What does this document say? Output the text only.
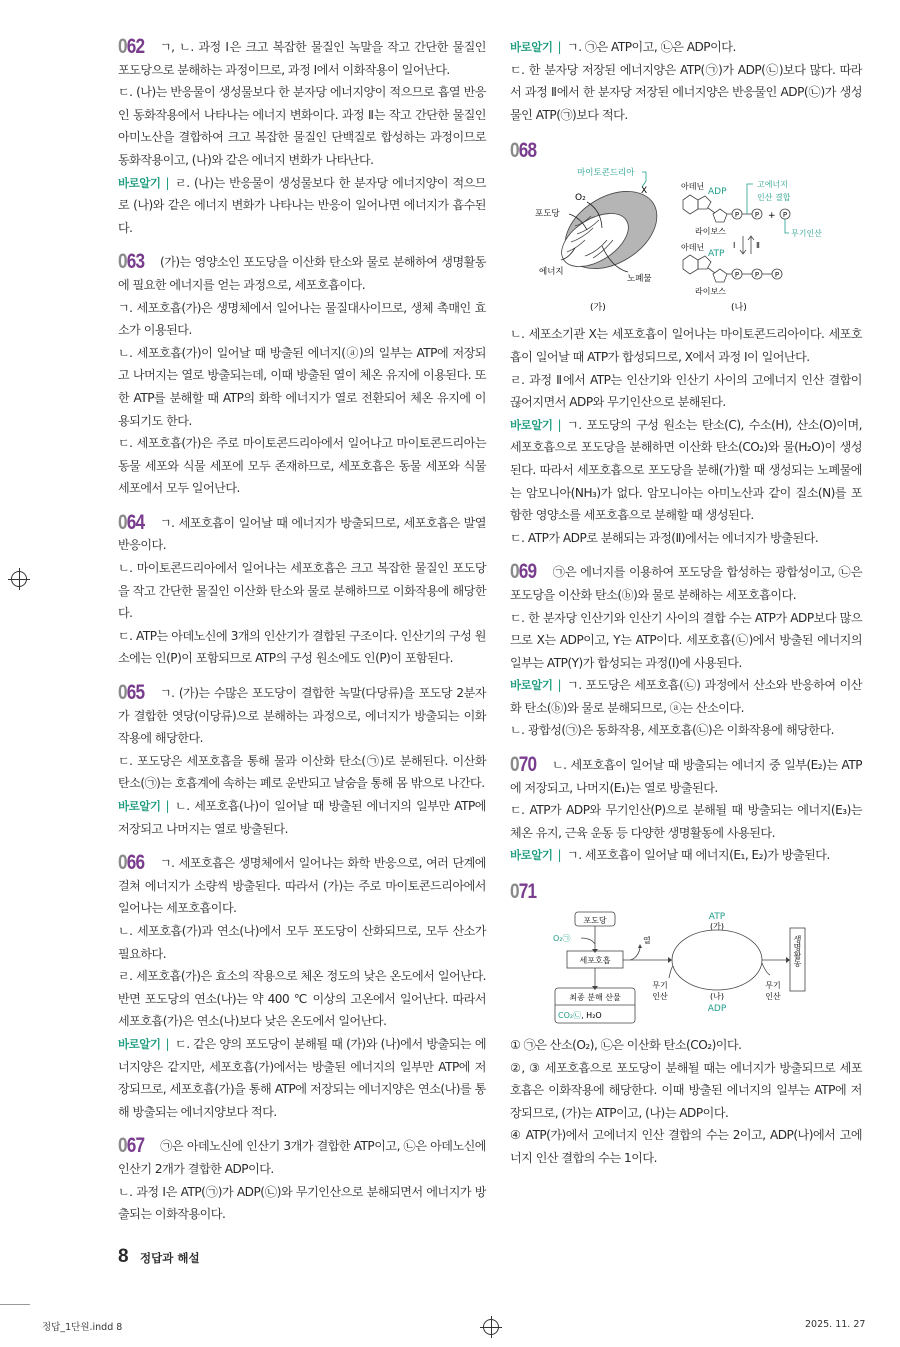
062 ㄱ, ㄴ. 과정 Ⅰ은 크고 복잡한 물질인 녹말을 작고 간단한 물질인 포도당으로 분해하는 과정이므로, 과정 Ⅰ에서 이화작용이 일어난다.

ㄷ. (나)는 반응물이 생성물보다 한 분자당 에너지양이 적으므로 흡열 반응인 동화작용에서 나타나는 에너지 변화이다. 과정 Ⅱ는 작고 간단한 물질인 아미노산을 결합하여 크고 복잡한 물질인 단백질로 합성하는 과정이므로 동화작용이고, (나)와 같은 에너지 변화가 나타난다.

바로알기 | ㄹ. (나)는 반응물이 생성물보다 한 분자당 에너지양이 적으므로 (나)와 같은 에너지 변화가 나타나는 반응이 일어나면 에너지가 흡수된다.

063 (가)는 영양소인 포도당을 이산화 탄소와 물로 분해하여 생명활동에 필요한 에너지를 얻는 과정으로, 세포호흡이다.

ㄱ. 세포호흡(가)은 생명체에서 일어나는 물질대사이므로, 생체 촉매인 효소가 이용된다.

ㄴ. 세포호흡(가)이 일어날 때 방출된 에너지(ⓐ)의 일부는 ATP에 저장되고 나머지는 열로 방출되는데, 이때 방출된 열이 체온 유지에 이용된다. 또한 ATP를 분해할 때 ATP의 화학 에너지가 열로 전환되어 체온 유지에 이용되기도 한다.

ㄷ. 세포호흡(가)은 주로 마이토콘드리아에서 일어나고 마이토콘드리아는 동물 세포와 식물 세포에 모두 존재하므로, 세포호흡은 동물 세포와 식물 세포에서 모두 일어난다.

064 ㄱ. 세포호흡이 일어날 때 에너지가 방출되므로, 세포호흡은 발열 반응이다.

ㄴ. 마이토콘드리아에서 일어나는 세포호흡은 크고 복잡한 물질인 포도당을 작고 간단한 물질인 이산화 탄소와 물로 분해하므로 이화작용에 해당한다.

ㄷ. ATP는 아데노신에 3개의 인산기가 결합된 구조이다. 인산기의 구성 원소에는 인(P)이 포함되므로 ATP의 구성 원소에도 인(P)이 포함된다.

065 ㄱ. (가)는 수많은 포도당이 결합한 녹말(다당류)을 포도당 2분자가 결합한 엿당(이당류)으로 분해하는 과정으로, 에너지가 방출되는 이화작용에 해당한다.

ㄷ. 포도당은 세포호흡을 통해 물과 이산화 탄소(㉠)로 분해된다. 이산화 탄소(㉠)는 호흡계에 속하는 폐로 운반되고 날숨을 통해 몸 밖으로 나간다.

바로알기 | ㄴ. 세포호흡(나)이 일어날 때 방출된 에너지의 일부만 ATP에 저장되고 나머지는 열로 방출된다.

066 ㄱ. 세포호흡은 생명체에서 일어나는 화학 반응으로, 여러 단계에 걸쳐 에너지가 소량씩 방출된다. 따라서 (가)는 주로 마이토콘드리아에서 일어나는 세포호흡이다.

ㄴ. 세포호흡(가)과 연소(나)에서 모두 포도당이 산화되므로, 모두 산소가 필요하다.

ㄹ. 세포호흡(가)은 효소의 작용으로 체온 정도의 낮은 온도에서 일어난다. 반면 포도당의 연소(나)는 약 400 ℃ 이상의 고온에서 일어난다. 따라서 세포호흡(가)은 연소(나)보다 낮은 온도에서 일어난다.

바로알기 | ㄷ. 같은 양의 포도당이 분해될 때 (가)와 (나)에서 방출되는 에너지양은 같지만, 세포호흡(가)에서는 방출된 에너지의 일부만 ATP에 저장되므로, 세포호흡(가)을 통해 ATP에 저장되는 에너지양은 연소(나)를 통해 방출되는 에너지양보다 적다.

067 ㉠은 아데노신에 인산기 3개가 결합한 ATP이고, ㉡은 아데노신에 인산기 2개가 결합한 ADP이다.

ㄴ. 과정 Ⅰ은 ATP(㉠)가 ADP(㉡)와 무기인산으로 분해되면서 에너지가 방출되는 이화작용이다.

바로알기 | ㄱ. ㉠은 ATP이고, ㉡은 ADP이다.

ㄷ. 한 분자당 저장된 에너지양은 ATP(㉠)가 ADP(㉡)보다 많다. 따라서 과정 Ⅱ에서 한 분자당 저장된 에너지양은 반응물인 ADP(㉡)가 생성물인 ATP(㉠)보다 적다.

068
마이토콘드리아
X
O₂
포도당
에너지
노폐물
(가)
P P	P
P P P
+
아데닌
ADP
고에너지
인산 결합
무기인산
라이보스
Ⅰ	Ⅱ
아데닌
ATP
라이보스
(나)

ㄴ. 세포소기관 X는 세포호흡이 일어나는 마이토콘드리아이다. 세포호흡이 일어날 때 ATP가 합성되므로, X에서 과정 Ⅰ이 일어난다.

ㄹ. 과정 Ⅱ에서 ATP는 인산기와 인산기 사이의 고에너지 인산 결합이 끊어지면서 ADP와 무기인산으로 분해된다.

바로알기 | ㄱ. 포도당의 구성 원소는 탄소(C), 수소(H), 산소(O)이며, 세포호흡으로 포도당을 분해하면 이산화 탄소(CO₂)와 물(H₂O)이 생성된다. 따라서 세포호흡으로 포도당을 분해(가)할 때 생성되는 노폐물에는 암모니아(NH₃)가 없다. 암모니아는 아미노산과 같이 질소(N)를 포함한 영양소를 세포호흡으로 분해할 때 생성된다.

ㄷ. ATP가 ADP로 분해되는 과정(Ⅱ)에서는 에너지가 방출된다.

069 ㉠은 에너지를 이용하여 포도당을 합성하는 광합성이고, ㉡은 포도당을 이산화 탄소(ⓑ)와 물로 분해하는 세포호흡이다.

ㄷ. 한 분자당 인산기와 인산기 사이의 결합 수는 ATP가 ADP보다 많으므로 X는 ADP이고, Y는 ATP이다. 세포호흡(㉡)에서 방출된 에너지의 일부는 ATP(Y)가 합성되는 과정(Ⅰ)에 사용된다.

바로알기 | ㄱ. 포도당은 세포호흡(㉡) 과정에서 산소와 반응하여 이산화 탄소(ⓑ)와 물로 분해되므로, ⓐ는 산소이다.

ㄴ. 광합성(㉠)은 동화작용, 세포호흡(㉡)은 이화작용에 해당한다.

070 ㄴ. 세포호흡이 일어날 때 방출되는 에너지 중 일부(E₂)는 ATP에 저장되고, 나머지(E₁)는 열로 방출된다.

ㄷ. ATP가 ADP와 무기인산(P)으로 분해될 때 방출되는 에너지(E₃)는 체온 유지, 근육 운동 등 다양한 생명활동에 사용된다.

바로알기 | ㄱ. 세포호흡이 일어날 때 에너지(E₁, E₂)가 방출된다.

071
포도당
O₂㉠
세포호흡
열
최종 분해 산물
CO₂㉡, H₂O
ATP
(가)
(나)
ADP
무기
인산
무기
인산
생명활동

① ㉠은 산소(O₂), ㉡은 이산화 탄소(CO₂)이다.

②, ③ 세포호흡으로 포도당이 분해될 때는 에너지가 방출되므로 세포호흡은 이화작용에 해당한다. 이때 방출된 에너지의 일부는 ATP에 저장되므로, (가)는 ATP이고, (나)는 ADP이다.

④ ATP(가)에서 고에너지 인산 결합의 수는 2이고, ADP(나)에서 고에너지 인산 결합의 수는 1이다.

8 정답과 해설
정답_1단원.indd 8	2025. 11. 27
